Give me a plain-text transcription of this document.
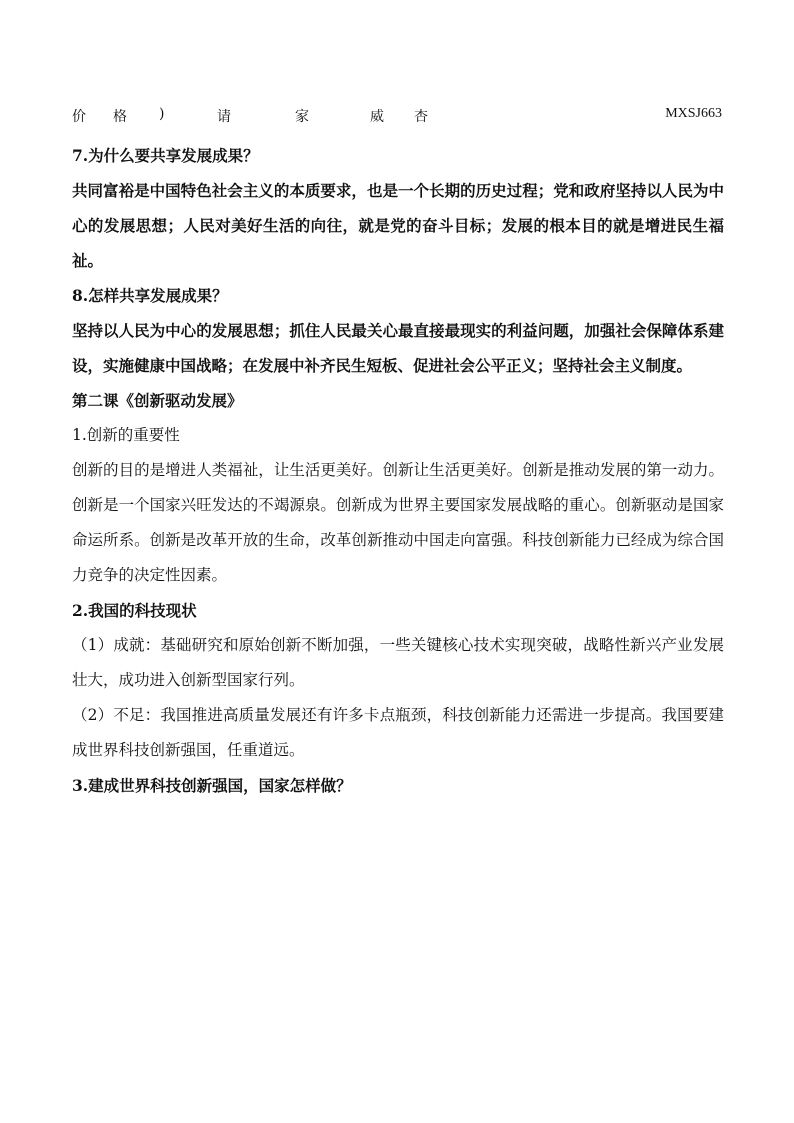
价 格 )	请	家	威 杏	MXSJ663

7.为什么要共享发展成果？

共同富裕是中国特色社会主义的本质要求，也是一个长期的历史过程；党和政府坚持以人民为中心的发展思想；人民对美好生活的向往，就是党的奋斗目标；发展的根本目的就是增进民生福祉。

8.怎样共享发展成果？

坚持以人民为中心的发展思想；抓住人民最关心最直接最现实的利益问题，加强社会保障体系建设，实施健康中国战略；在发展中补齐民生短板、促进社会公平正义；坚持社会主义制度。

第二课《创新驱动发展》

1.创新的重要性

创新的目的是增进人类福祉，让生活更美好。创新让生活更美好。创新是推动发展的第一动力。创新是一个国家兴旺发达的不竭源泉。创新成为世界主要国家发展战略的重心。创新驱动是国家命运所系。创新是改革开放的生命，改革创新推动中国走向富强。科技创新能力已经成为综合国力竞争的决定性因素。

2.我国的科技现状

（1）成就：基础研究和原始创新不断加强，一些关键核心技术实现突破，战略性新兴产业发展壮大，成功进入创新型国家行列。

（2）不足：我国推进高质量发展还有许多卡点瓶颈，科技创新能力还需进一步提高。我国要建成世界科技创新强国，任重道远。

3.建成世界科技创新强国，国家怎样做？
